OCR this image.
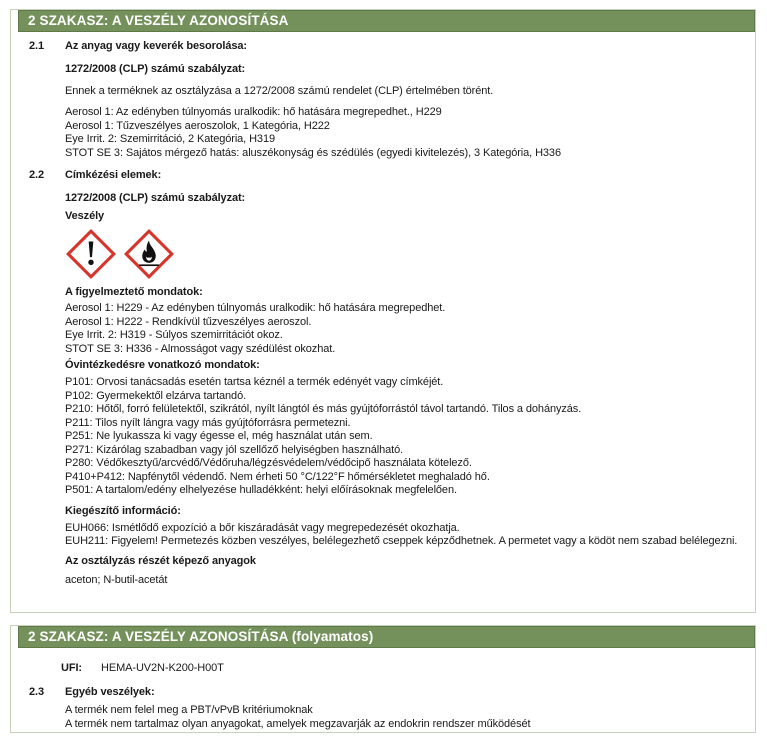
2 SZAKASZ: A VESZÉLY AZONOSÍTÁSA
2.1	Az anyag vagy keverék besorolása:
1272/2008 (CLP) számú szabályzat:
Ennek a terméknek az osztályzása a 1272/2008 számú rendelet (CLP) értelmében törént.
Aerosol 1: Az edényben túlnyomás uralkodik: hő hatására megrepedhet., H229
Aerosol 1: Tűzveszélyes aeroszolok, 1 Kategória, H222
Eye Irrit. 2: Szemirritáció, 2 Kategória, H319
STOT SE 3: Sajátos mérgező hatás: aluszékonyság és szédülés (egyedi kivitelezés), 3 Kategória, H336
2.2	Címkézési elemek:
1272/2008 (CLP) számú szabályzat:
Veszély
A figyelmeztető mondatok:
Aerosol 1: H229 - Az edényben túlnyomás uralkodik: hő hatására megrepedhet.
Aerosol 1: H222 - Rendkívül tűzveszélyes aeroszol.
Eye Irrit. 2: H319 - Súlyos szemirritációt okoz.
STOT SE 3: H336 - Almosságot vagy szédülést okozhat.
Óvintézkedésre vonatkozó mondatok:
P101: Orvosi tanácsadás esetén tartsa kéznél a termék edényét vagy címkéjét.
P102: Gyermekektől elzárva tartandó.
P210: Hőtől, forró felületektől, szikrától, nyílt lángtól és más gyújtóforrástól távol tartandó. Tilos a dohányzás.
P211: Tilos nyílt lángra vagy más gyújtóforrásra permetezni.
P251: Ne lyukassza ki vagy égesse el, még használat után sem.
P271: Kizárólag szabadban vagy jól szellőző helyiségben használható.
P280: Védőkesztyű/arcvédő/Védőruha/légzésvédelem/védőcipő használata kötelező.
P410+P412: Napfénytől védendő. Nem érheti 50 °C/122°F hőmérsékletet meghaladó hő.
P501: A tartalom/edény elhelyezése hulladékként: helyi előírásoknak megfelelően.
Kiegészítő információ:
EUH066: Ismétlődő expozíció a bőr kiszáradását vagy megrepedezését okozhatja.
EUH211: Figyelem! Permetezés közben veszélyes, belélegezhető cseppek képződhetnek. A permetet vagy a ködöt nem szabad belélegezni.
Az osztályzás részét képező anyagok
aceton; N-butil-acetát
2 SZAKASZ: A VESZÉLY AZONOSÍTÁSA (folyamatos)
UFI:	HEMA-UV2N-K200-H00T
2.3	Egyéb veszélyek:
A termék nem felel meg a PBT/vPvB kritériumoknak
A termék nem tartalmaz olyan anyagokat, amelyek megzavarják az endokrin rendszer működését
